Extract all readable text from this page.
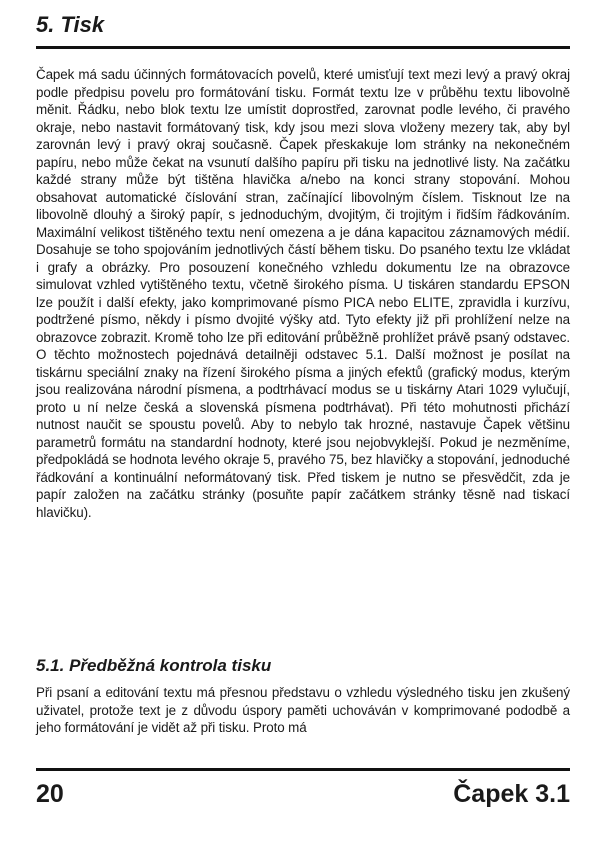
5. Tisk

Čapek má sadu účinných formátovacích povelů, které umisťují text mezi levý a pravý okraj podle předpisu povelu pro formátování tisku. Formát textu lze v průběhu textu libovolně měnit. Řádku, nebo blok textu lze umístit doprostřed, zarovnat podle levého, či pravého okraje, nebo nastavit formátovaný tisk, kdy jsou mezi slova vloženy mezery tak, aby byl zarovnán levý i pravý okraj současně. Čapek přeskakuje lom stránky na nekonečném papíru, nebo může čekat na vsunutí dalšího papíru při tisku na jednotlivé listy. Na začátku každé strany může být tištěna hlavička a/nebo na konci strany stopování. Mohou obsahovat automatické číslování stran, začínající libovolným číslem. Tisknout lze na libovolně dlouhý a široký papír, s jednoduchým, dvojitým, či trojitým i řidším řádkováním. Maximální velikost tištěného textu není omezena a je dána kapacitou záznamových médií. Dosahuje se toho spojováním jednotlivých částí během tisku. Do psaného textu lze vkládat i grafy a obrázky. Pro posouzení konečného vzhledu dokumentu lze na obrazovce simulovat vzhled vytištěného textu, včetně širokého písma. U tiskáren standardu EPSON lze použít i další efekty, jako komprimované písmo PICA nebo ELITE, zpravidla i kurzívu, podtržené písmo, někdy i písmo dvojité výšky atd. Tyto efekty již při prohlížení nelze na obrazovce zobrazit. Kromě toho lze při editování průběžně prohlížet právě psaný odstavec. O těchto možnostech pojednává detailněji odstavec 5.1. Další možnost je posílat na tiskárnu speciální znaky na řízení širokého písma a jiných efektů (grafický modus, kterým jsou realizována národní písmena, a podtrhávací modus se u tiskárny Atari 1029 vylučují, proto u ní nelze česká a slovenská písmena podtrhávat). Při této mohutnosti přichází nutnost naučit se spoustu povelů. Aby to nebylo tak hrozné, nastavuje Čapek většinu parametrů formátu na standardní hodnoty, které jsou nejobvyklejší. Pokud je nezměníme, předpokládá se hodnota levého okraje 5, pravého 75, bez hlavičky a stopování, jednoduché řádkování a kontinuální neformátovaný tisk. Před tiskem je nutno se přesvědčit, zda je papír založen na začátku stránky (posuňte papír začátkem stránky těsně nad tiskací hlavičku).

5.1. Předběžná kontrola tisku

Při psaní a editování textu má přesnou představu o vzhledu výsledného tisku jen zkušený uživatel, protože text je z důvodu úspory paměti uchováván v komprimované pododbě a jeho formátování je vidět až při tisku. Proto má

20	Čapek 3.1
